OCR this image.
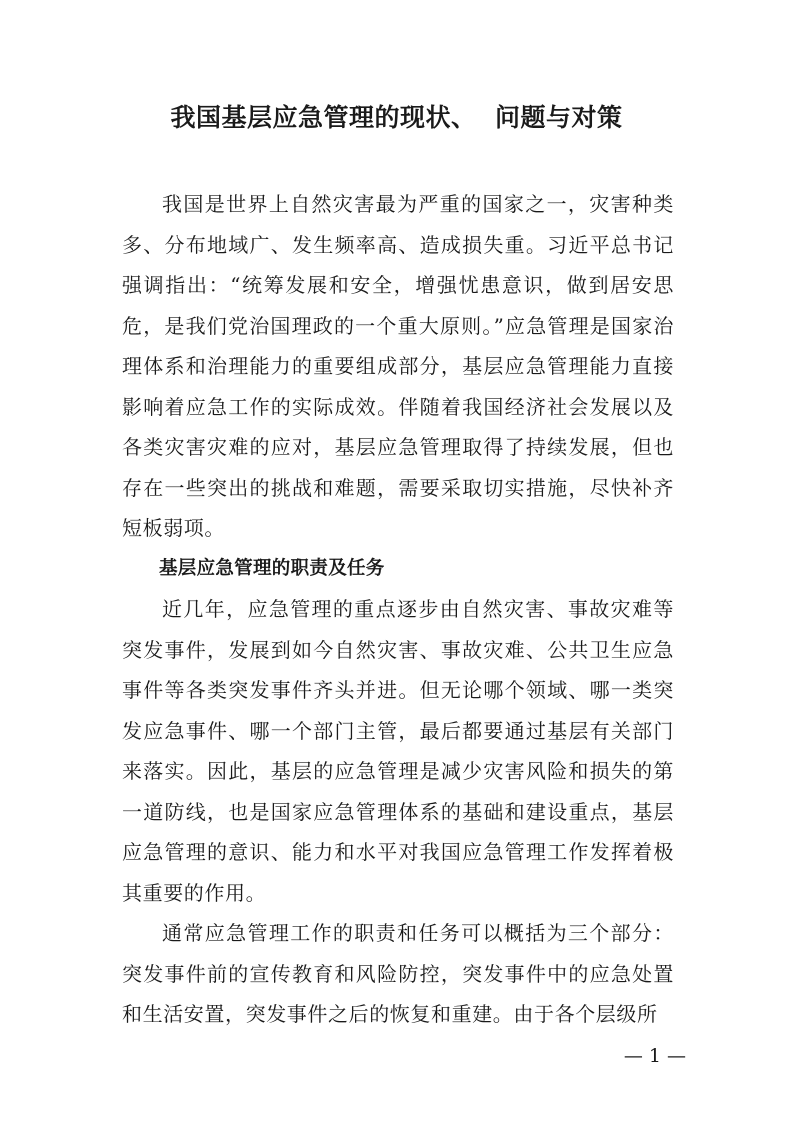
我国基层应急管理的现状、  问题与对策

我国是世界上自然灾害最为严重的国家之一，灾害种类多、分布地域广、发生频率高、造成损失重。习近平总书记强调指出：“统筹发展和安全，增强忧患意识，做到居安思危，是我们党治国理政的一个重大原则。”应急管理是国家治理体系和治理能力的重要组成部分，基层应急管理能力直接影响着应急工作的实际成效。伴随着我国经济社会发展以及各类灾害灾难的应对，基层应急管理取得了持续发展，但也存在一些突出的挑战和难题，需要采取切实措施，尽快补齐短板弱项。

基层应急管理的职责及任务

近几年，应急管理的重点逐步由自然灾害、事故灾难等突发事件，发展到如今自然灾害、事故灾难、公共卫生应急事件等各类突发事件齐头并进。但无论哪个领域、哪一类突发应急事件、哪一个部门主管，最后都要通过基层有关部门来落实。因此，基层的应急管理是减少灾害风险和损失的第一道防线，也是国家应急管理体系的基础和建设重点，基层应急管理的意识、能力和水平对我国应急管理工作发挥着极其重要的作用。

通常应急管理工作的职责和任务可以概括为三个部分：突发事件前的宣传教育和风险防控，突发事件中的应急处置和生活安置，突发事件之后的恢复和重建。由于各个层级所

— 1 —
